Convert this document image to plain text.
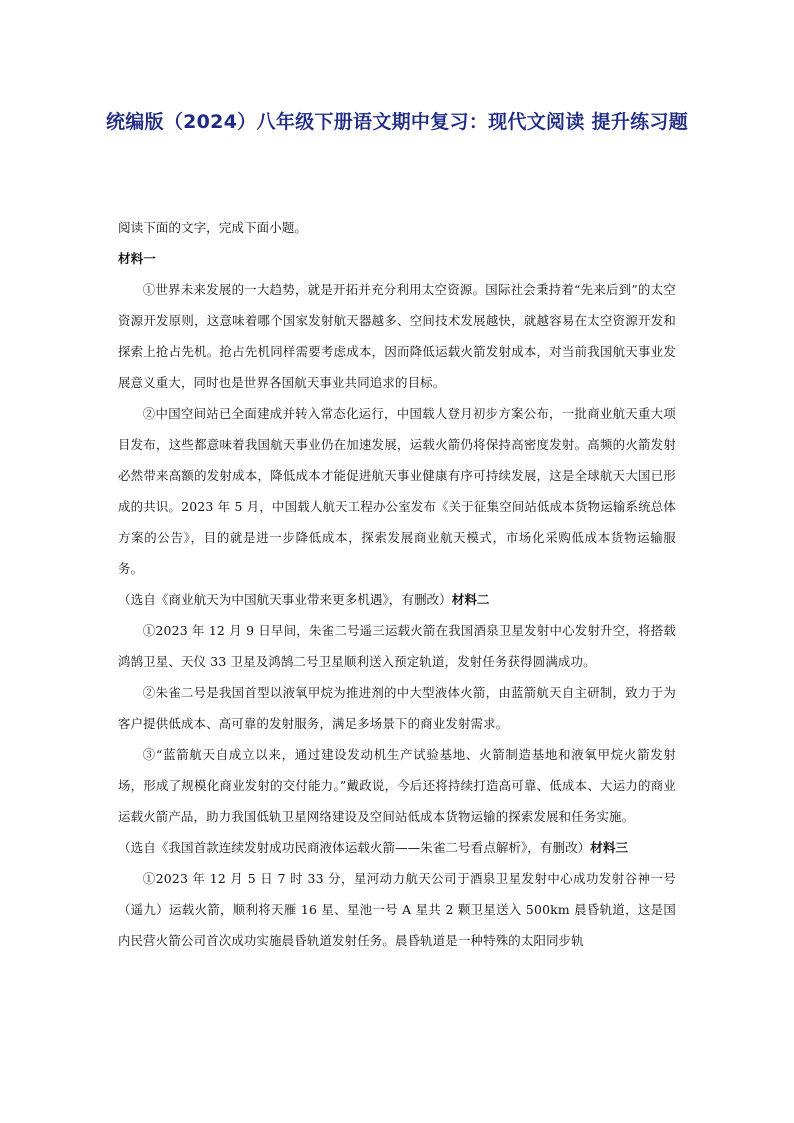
统编版（2024）八年级下册语文期中复习：现代文阅读 提升练习题

阅读下面的文字，完成下面小题。

材料一

①世界未来发展的一大趋势，就是开拓并充分利用太空资源。国际社会秉持着“先来后到”的太空资源开发原则，这意味着哪个国家发射航天器越多、空间技术发展越快，就越容易在太空资源开发和探索上抢占先机。抢占先机同样需要考虑成本，因而降低运载火箭发射成本，对当前我国航天事业发展意义重大，同时也是世界各国航天事业共同追求的目标。

②中国空间站已全面建成并转入常态化运行，中国载人登月初步方案公布，一批商业航天重大项目发布，这些都意味着我国航天事业仍在加速发展，运载火箭仍将保持高密度发射。高频的火箭发射必然带来高额的发射成本，降低成本才能促进航天事业健康有序可持续发展，这是全球航天大国已形成的共识。2023 年 5 月，中国载人航天工程办公室发布《关于征集空间站低成本货物运输系统总体方案的公告》，目的就是进一步降低成本，探索发展商业航天模式，市场化采购低成本货物运输服务。

（选自《商业航天为中国航天事业带来更多机遇》，有删改）材料二

①2023 年 12 月 9 日早间，朱雀二号遥三运载火箭在我国酒泉卫星发射中心发射升空，将搭载鸿鹄卫星、天仪 33 卫星及鸿鹄二号卫星顺利送入预定轨道，发射任务获得圆满成功。

②朱雀二号是我国首型以液氧甲烷为推进剂的中大型液体火箭，由蓝箭航天自主研制，致力于为客户提供低成本、高可靠的发射服务，满足多场景下的商业发射需求。

③“蓝箭航天自成立以来，通过建设发动机生产试验基地、火箭制造基地和液氧甲烷火箭发射场，形成了规模化商业发射的交付能力。”戴政说，今后还将持续打造高可靠、低成本、大运力的商业运载火箭产品，助力我国低轨卫星网络建设及空间站低成本货物运输的探索发展和任务实施。

（选自《我国首款连续发射成功民商液体运载火箭——朱雀二号看点解析》，有删改）材料三

①2023 年 12 月 5 日 7 时 33 分，星河动力航天公司于酒泉卫星发射中心成功发射谷神一号（遥九）运载火箭，顺利将天雁 16 星、星池一号 A 星共 2 颗卫星送入 500km 晨昏轨道，这是国内民营火箭公司首次成功实施晨昏轨道发射任务。晨昏轨道是一种特殊的太阳同步轨
